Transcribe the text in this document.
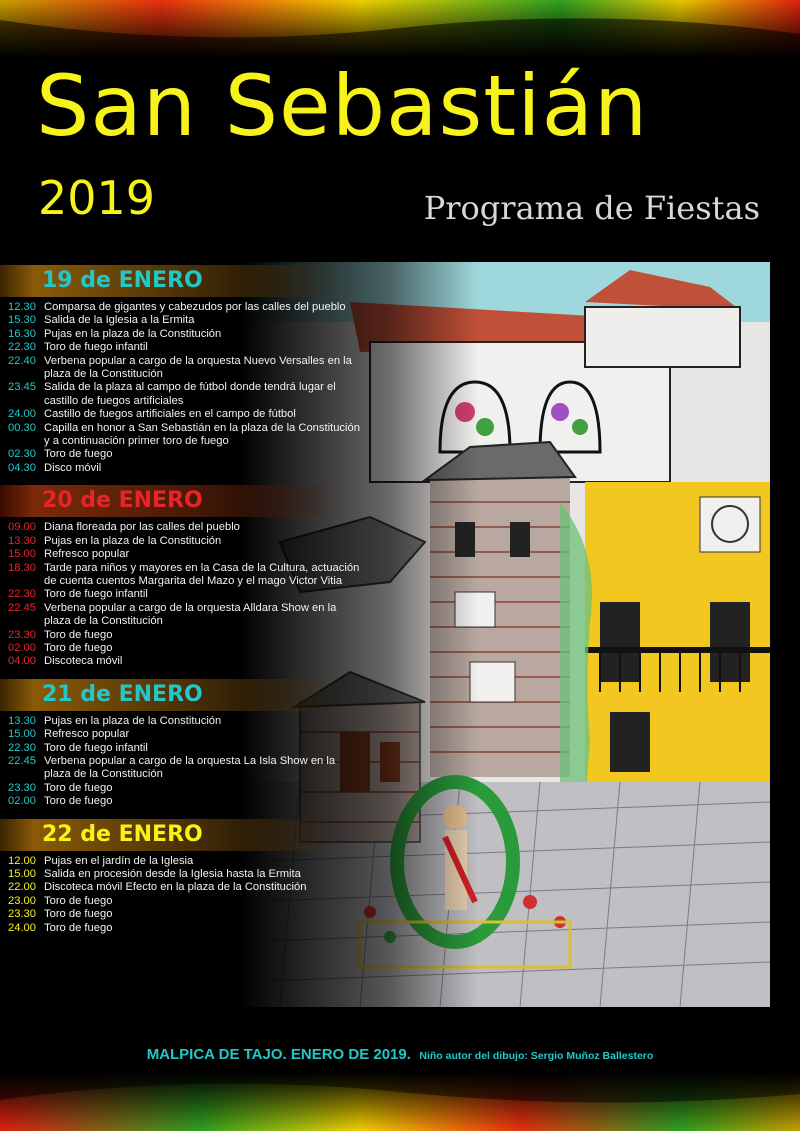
San Sebastián
2019	Programa de Fiestas
19 de ENERO
12.30 Comparsa de gigantes y cabezudos por las calles del pueblo
15.30 Salida de la Iglesia a la Ermita
16.30 Pujas en la plaza de la Constitución
22.30 Toro de fuego infantil
22.40 Verbena popular a cargo de la orquesta Nuevo Versalles en la plaza de la Constitución
23.45 Salida de la plaza al campo de fútbol donde tendrá lugar el castillo de fuegos artificiales
24.00 Castillo de fuegos artificiales en el campo de fútbol
00.30 Capilla en honor a San Sebastián en la plaza de la Constitución y a continuación primer toro de fuego
02.30 Toro de fuego
04.30 Disco móvil
20 de ENERO
09.00 Diana floreada por las calles del pueblo
13.30 Pujas en la plaza de la Constitución
15.00 Refresco popular
18.30 Tarde para niños y mayores en la Casa de la Cultura, actuación de cuenta cuentos Margarita del Mazo y el mago Victor Vitia
22.30 Toro de fuego infantil
22.45 Verbena popular a cargo de la orquesta Alldara Show en la plaza de la Constitución
23.30 Toro de fuego
02.00 Toro de fuego
04.00 Discoteca móvil
21 de ENERO
13.30 Pujas en la plaza de la Constitución
15.00 Refresco popular
22.30 Toro de fuego infantil
22.45 Verbena popular a cargo de la orquesta La Isla Show en la plaza de la Constitución
23.30 Toro de fuego
02.00 Toro de fuego
22 de ENERO
12.00 Pujas en el jardín de la Iglesia
15.00 Salida en procesión desde la Iglesia hasta la Ermita
22.00 Discoteca móvil Efecto en la plaza de la Constitución
23.00 Toro de fuego
23.30 Toro de fuego
24.00 Toro de fuego
MALPICA DE TAJO. ENERO DE 2019. Niño autor del dibujo: Sergio Muñoz Ballestero
